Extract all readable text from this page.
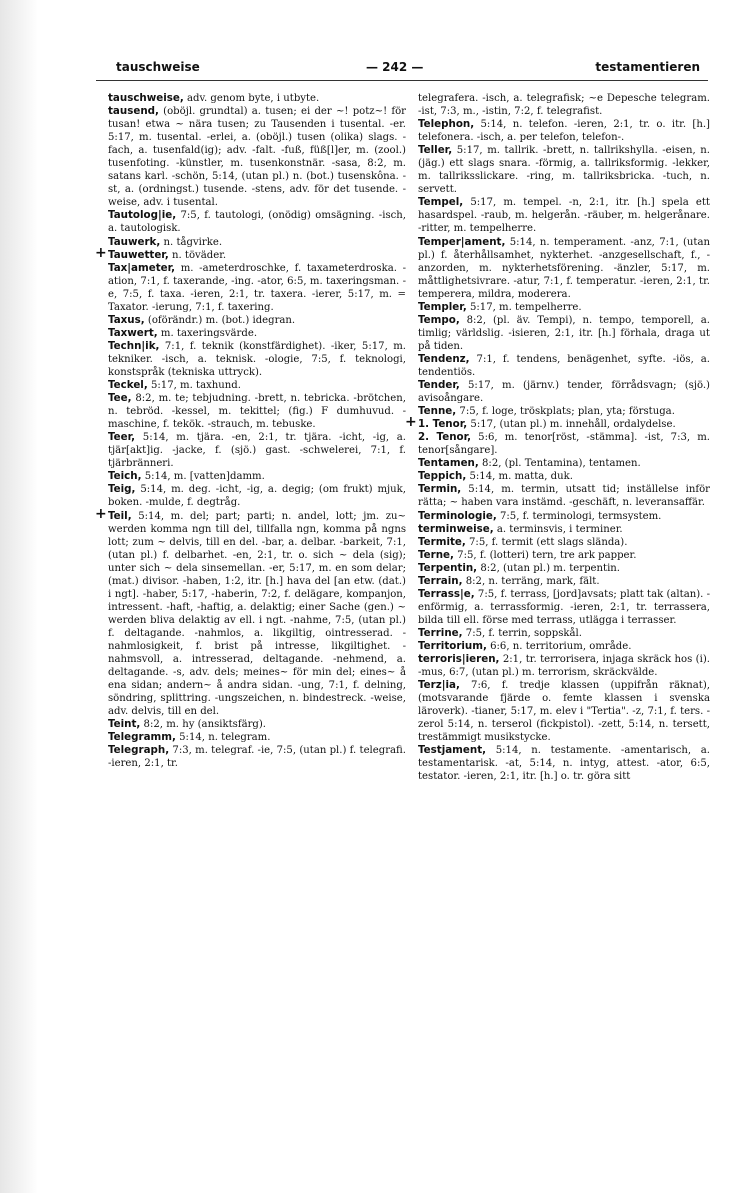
tauschweise	— 242 —	testamentieren

tauschweise, adv. genom byte, i utbyte.

tausend, (oböjl. grundtal) a. tusen; ei der ~! potz~! för tusan! etwa ~ nära tusen; zu Tausenden i tusental. -er. 5:17, m. tusental. -erlei, a. (oböjl.) tusen (olika) slags. -fach, a. tusenfald(ig); adv. -falt. -fuß, füß[l]er, m. (zool.) tusenfoting. -künstler, m. tusenkonstnär. -sasa, 8:2, m. satans karl. -schön, 5:14, (utan pl.) n. (bot.) tusenskôna. -st, a. (ordningst.) tusende. -stens, adv. för det tusende. -weise, adv. i tusental.

Tautolog|ie, 7:5, f. tautologi, (onödig) omsägning. -isch, a. tautologisk.

Tauwerk, n. tågvirke.

+ Tauwetter, n. töväder.

Tax|ameter, m. -ameterdroschke, f. taxameterdroska. -ation, 7:1, f. taxerande, -ing. -ator, 6:5, m. taxeringsman. -e, 7:5, f. taxa. -ieren, 2:1, tr. taxera. -ierer, 5:17, m. = Taxator. -ierung, 7:1, f. taxering.

Taxus, (oförändr.) m. (bot.) idegran.

Taxwert, m. taxeringsvärde.

Techn|ik, 7:1, f. teknik (konstfärdighet). -iker, 5:17, m. tekniker. -isch, a. teknisk. -ologie, 7:5, f. teknologi, konstspråk (tekniska uttryck).

Teckel, 5:17, m. taxhund.

Tee, 8:2, m. te; tebjudning. -brett, n. tebricka. -brötchen, n. tebröd. -kessel, m. tekittel; (fig.) F dumhuvud. -maschine, f. tekök. -strauch, m. tebuske.

Teer, 5:14, m. tjära. -en, 2:1, tr. tjära. -icht, -ig, a. tjär[akt]ig. -jacke, f. (sjö.) gast. -schwelerei, 7:1, f. tjärbränneri.

Teich, 5:14, m. [vatten]damm.

Teig, 5:14, m. deg. -icht, -ig, a. degig; (om frukt) mjuk, boken. -mulde, f. degtråg.

+ Teil, 5:14, m. del; part; parti; n. andel, lott; jm. zu~ werden komma ngn till del, tillfalla ngn, komma på ngns lott; zum ~ delvis, till en del. -bar, a. delbar. -barkeit, 7:1, (utan pl.) f. delbarhet. -en, 2:1, tr. o. sich ~ dela (sig); unter sich ~ dela sinsemellan. -er, 5:17, m. en som delar; (mat.) divisor. -haben, 1:2, itr. [h.] hava del [an etw. (dat.) i ngt]. -haber, 5:17, -haberin, 7:2, f. delägare, kompanjon, intressent. -haft, -haftig, a. delaktig; einer Sache (gen.) ~ werden bliva delaktig av ell. i ngt. -nahme, 7:5, (utan pl.) f. deltagande. -nahmlos, a. likgiltig, ointresserad. -nahmlosigkeit, f. brist på intresse, likgiltighet. -nahmsvoll, a. intresserad, deltagande. -nehmend, a. deltagande. -s, adv. dels; meines~ för min del; eines~ å ena sidan; andern~ å andra sidan. -ung, 7:1, f. delning, söndring, splittring. -ungszeichen, n. bindestreck. -weise, adv. delvis, till en del.

Teint, 8:2, m. hy (ansiktsfärg).

Telegramm, 5:14, n. telegram.

Telegraph, 7:3, m. telegraf. -ie, 7:5, (utan pl.) f. telegrafi. -ieren, 2:1, tr.

telegrafera. -isch, a. telegrafisk; ~e Depesche telegram. -ist, 7:3, m., -istin, 7:2, f. telegrafist.

Telephon, 5:14, n. telefon. -ieren, 2:1, tr. o. itr. [h.] telefonera. -isch, a. per telefon, telefon-.

Teller, 5:17, m. tallrik. -brett, n. tallrikshylla. -eisen, n. (jäg.) ett slags snara. -förmig, a. tallriksformig. -lekker, m. tallriksslickare. -ring, m. tallriksbricka. -tuch, n. servett.

Tempel, 5:17, m. tempel. -n, 2:1, itr. [h.] spela ett hasardspel. -raub, m. helgerån. -räuber, m. helgerånare. -ritter, m. tempelherre.

Temper|ament, 5:14, n. temperament. -anz, 7:1, (utan pl.) f. återhållsamhet, nykterhet. -anzgesellschaft, f., -anzorden, m. nykterhetsförening. -änzler, 5:17, m. måttlighetsivrare. -atur, 7:1, f. temperatur. -ieren, 2:1, tr. temperera, mildra, moderera.

Templer, 5:17, m. tempelherre.

Tempo, 8:2, (pl. äv. Tempi), n. tempo, temporell, a. timlig; världslig. -isieren, 2:1, itr. [h.] förhala, draga ut på tiden.

Tendenz, 7:1, f. tendens, benägenhet, syfte. -iös, a. tendentiös.

Tender, 5:17, m. (järnv.) tender, förrådsvagn; (sjö.) avisoångare.

Tenne, 7:5, f. loge, tröskplats; plan, yta; förstuga.

+ 1. Tenor, 5:17, (utan pl.) m. innehåll, ordalydelse.

2. Tenor, 5:6, m. tenor[röst, -stämma]. -ist, 7:3, m. tenor[sångare].

Tentamen, 8:2, (pl. Tentamina), tentamen.

Teppich, 5:14, m. matta, duk.

Termin, 5:14, m. termin, utsatt tid; inställelse inför rätta; ~ haben vara instämd. -geschäft, n. leveransaffär.

Terminologie, 7:5, f. terminologi, termsystem.

terminweise, a. terminsvis, i terminer.

Termite, 7:5, f. termit (ett slags sländа).

Terne, 7:5, f. (lotteri) tern, tre ark papper.

Terpentin, 8:2, (utan pl.) m. terpentin.

Terrain, 8:2, n. terräng, mark, fält.

Terrass|e, 7:5, f. terrass, [jord]avsats; platt tak (altan). -enförmig, a. terrassformig. -ieren, 2:1, tr. terrassera, bilda till ell. förse med terrass, utlägga i terrasser.

Terrine, 7:5, f. terrin, soppskål.

Territorium, 6:6, n. territorium, område.

terroris|ieren, 2:1, tr. terrorisera, injaga skräck hos (i). -mus, 6:7, (utan pl.) m. terrorism, skräckvälde.

Terz|ia, 7:6, f. tredje klassen (uppifrån räknat), (motsvarande fjärde o. femte klassen i svenska läroverk). -tianer, 5:17, m. elev i "Tertia". -z, 7:1, f. ters. -zerol 5:14, n. terserol (fickpistol). -zett, 5:14, n. tersett, trestämmigt musikstycke.

Testjament, 5:14, n. testamente. -amentarisch, a. testamentarisk. -at, 5:14, n. intyg, attest. -ator, 6:5, testator. -ieren, 2:1, itr. [h.] o. tr. göra sitt
